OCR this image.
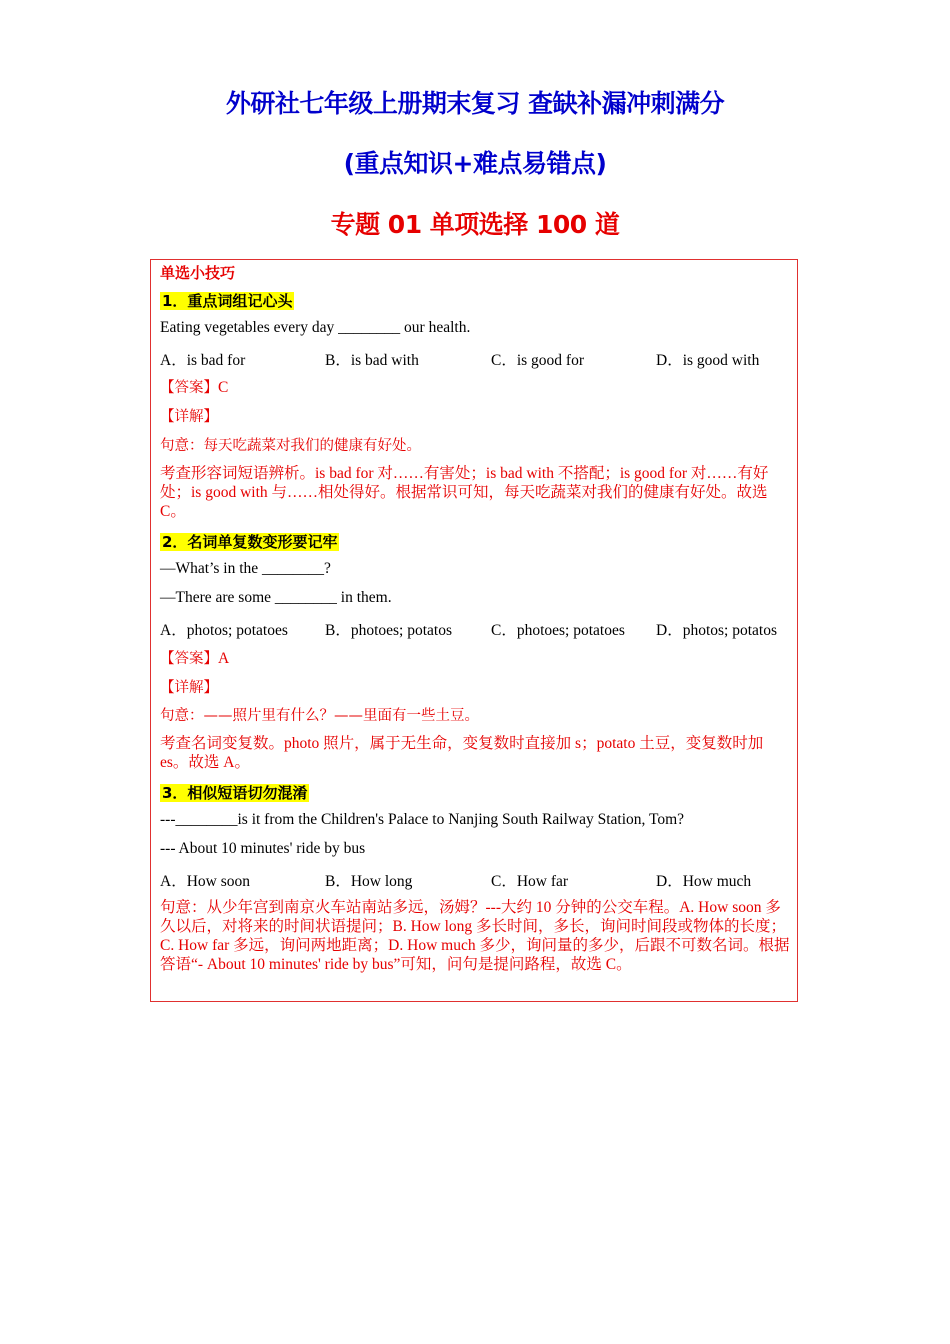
外研社七年级上册期末复习 查缺补漏冲刺满分
(重点知识+难点易错点)
专题 01 单项选择 100 道
单选小技巧
1．重点词组记心头
Eating vegetables every day ________ our health.
A．is bad for	B．is bad with	C．is good for	D．is good with
【答案】C
【详解】
句意：每天吃蔬菜对我们的健康有好处。
考查形容词短语辨析。is bad for 对……有害处；is bad with 不搭配；is good for 对……有好处；is good with 与……相处得好。根据常识可知，每天吃蔬菜对我们的健康有好处。故选 C。
2．名词单复数变形要记牢
—What’s in the ________?
—There are some ________ in them.
A．photos; potatoes B．photoes; potatos	C．photoes; potatoes D．photos; potatos
【答案】A
【详解】
句意：——照片里有什么？——里面有一些土豆。
考查名词变复数。photo 照片，属于无生命，变复数时直接加 s；potato 土豆，变复数时加 es。故选 A。
3．相似短语切勿混淆
---________is it from the Children's Palace to Nanjing South Railway Station, Tom?
--- About 10 minutes' ride by bus
A．How soon	B．How long	C．How far	D．How much
句意：从少年宫到南京火车站南站多远，汤姆？---大约 10 分钟的公交车程。A. How soon 多久以后，对将来的时间状语提问；B. How long 多长时间，多长，询问时间段或物体的长度；C. How far 多远，询问两地距离；D. How much 多少，询问量的多少，后跟不可数名词。根据答语“- About 10 minutes' ride by bus”可知，问句是提问路程，故选 C。
